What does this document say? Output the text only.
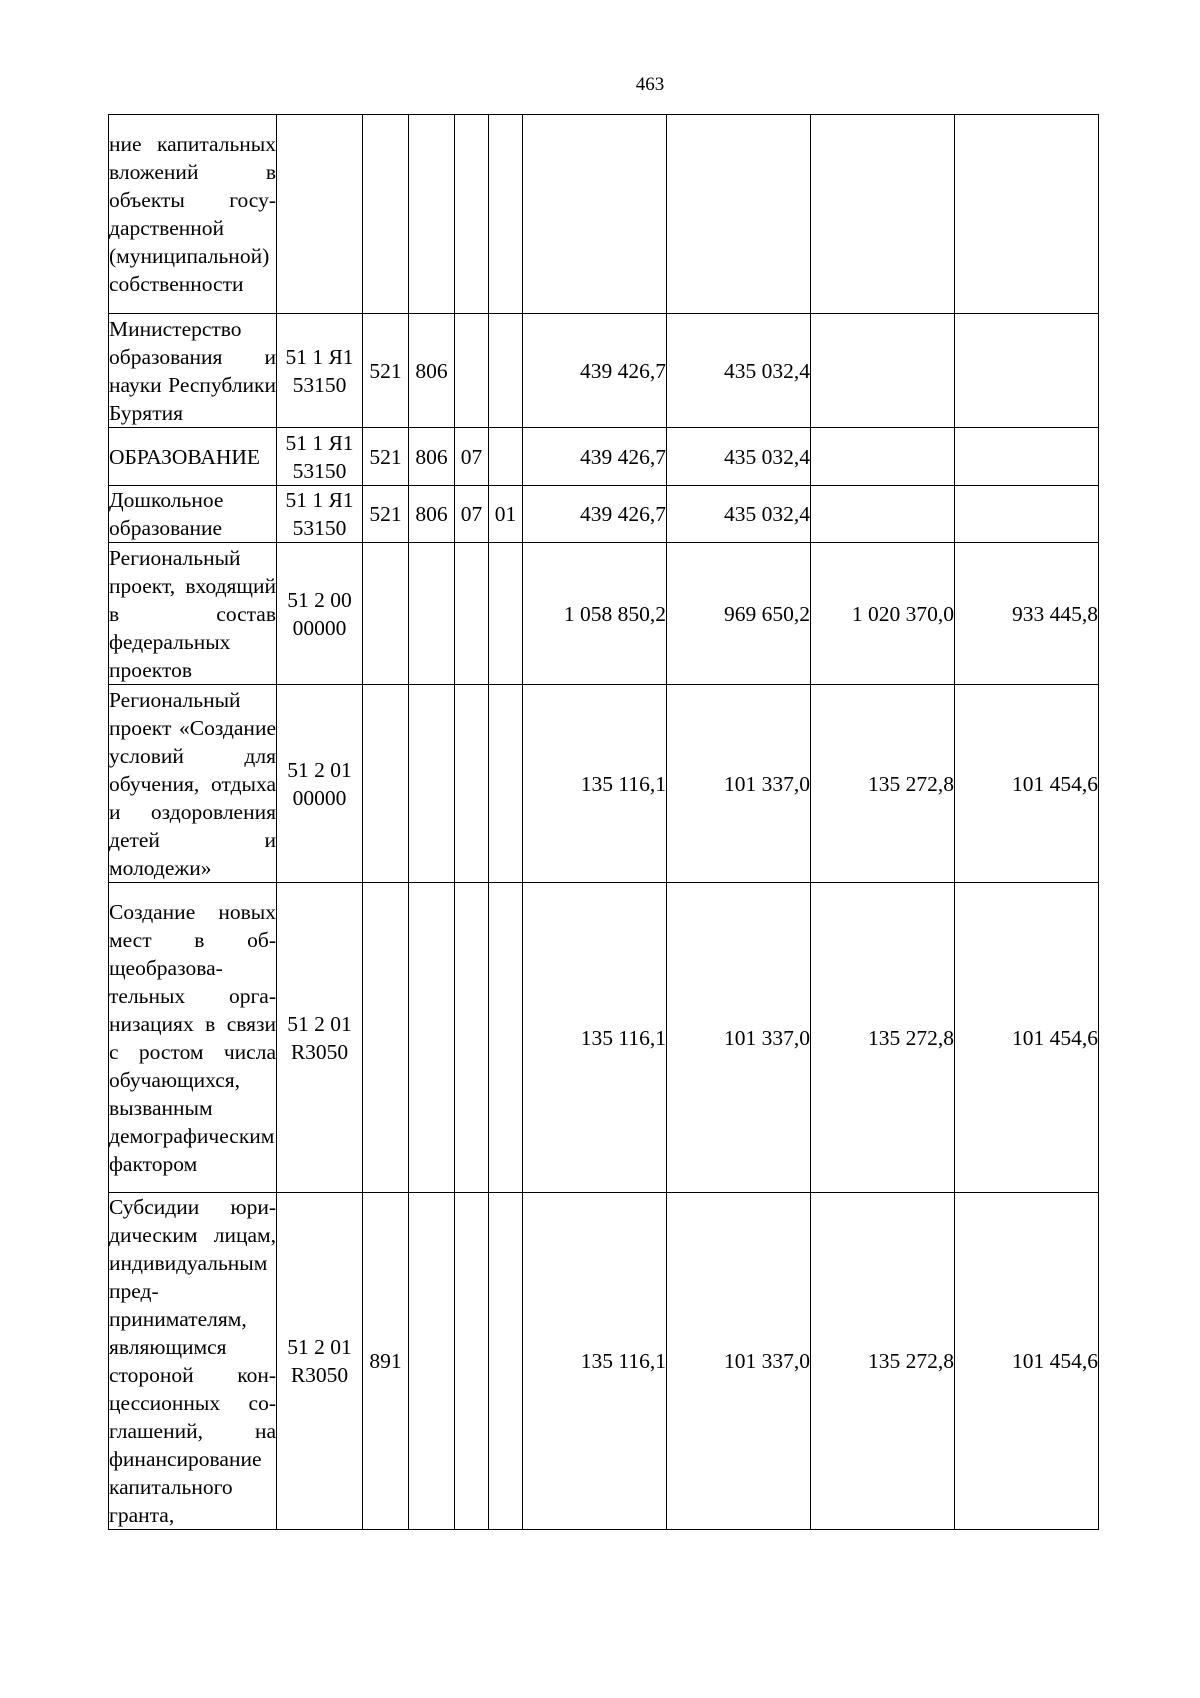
463
ние капитальных вложений в объекты государственной (муниципальной) собственности									
Министерство образования и науки Республики Бурятия	51 1 Я1 53150	521	806			439 426,7	435 032,4		
ОБРАЗОВАНИЕ	51 1 Я1 53150	521	806	07		439 426,7	435 032,4		
Дошкольное образование	51 1 Я1 53150	521	806	07	01	439 426,7	435 032,4		
Региональный проект, входящий в состав федеральных проектов	51 2 00 00000					1 058 850,2	969 650,2	1 020 370,0	933 445,8
Региональный проект «Создание условий для обучения, отдыха и оздоровления детей и молодежи»	51 2 01 00000					135 116,1	101 337,0	135 272,8	101 454,6
Создание новых мест в общеобразовательных организациях в связи с ростом числа обучающихся, вызванным демографическим фактором	51 2 01 R3050					135 116,1	101 337,0	135 272,8	101 454,6
Субсидии юридическим лицам, индивидуальным предпринимателям, являющимся стороной концессионных соглашений, на финансирование капитального гранта,	51 2 01 R3050	891				135 116,1	101 337,0	135 272,8	101 454,6
